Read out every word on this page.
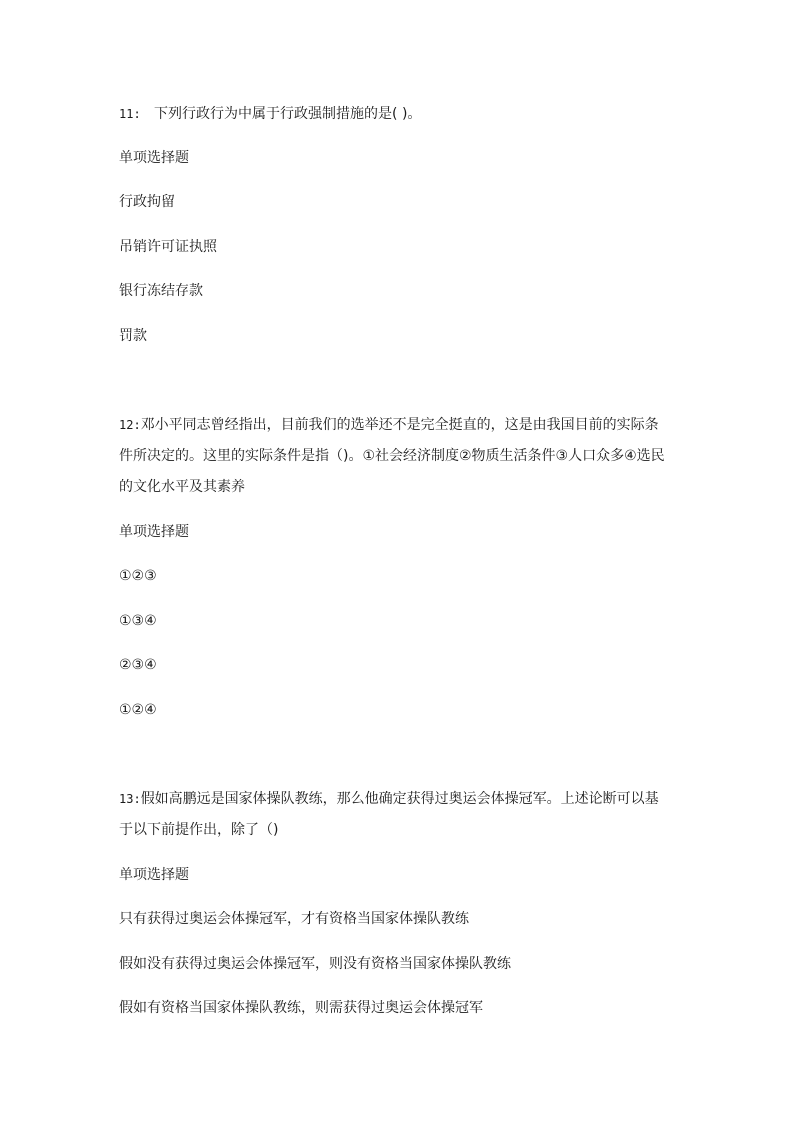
11: 下列行政行为中属于行政强制措施的是( )。
单项选择题
行政拘留
吊销许可证执照
银行冻结存款
罚款
12:邓小平同志曾经指出，目前我们的选举还不是完全挺直的，这是由我国目前的实际条
件所决定的。这里的实际条件是指（)。①社会经济制度②物质生活条件③人口众多④选民
的文化水平及其素养
单项选择题
①②③
①③④
②③④
①②④
13:假如高鹏远是国家体操队教练，那么他确定获得过奥运会体操冠军。上述论断可以基
于以下前提作出，除了（)
单项选择题
只有获得过奥运会体操冠军，才有资格当国家体操队教练
假如没有获得过奥运会体操冠军，则没有资格当国家体操队教练
假如有资格当国家体操队教练，则需获得过奥运会体操冠军
